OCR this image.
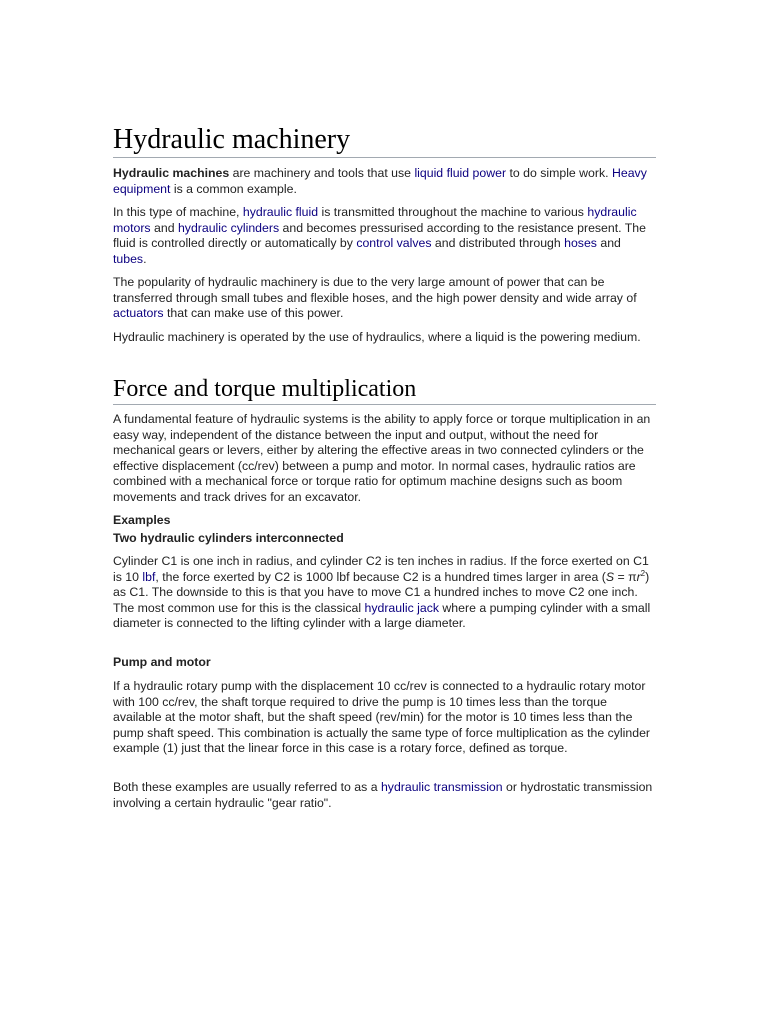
Hydraulic machinery

Hydraulic machines are machinery and tools that use liquid fluid power to do simple work. Heavy equipment is a common example.

In this type of machine, hydraulic fluid is transmitted throughout the machine to various hydraulic motors and hydraulic cylinders and becomes pressurised according to the resistance present. The fluid is controlled directly or automatically by control valves and distributed through hoses and tubes.

The popularity of hydraulic machinery is due to the very large amount of power that can be transferred through small tubes and flexible hoses, and the high power density and wide array of actuators that can make use of this power.

Hydraulic machinery is operated by the use of hydraulics, where a liquid is the powering medium.

Force and torque multiplication

A fundamental feature of hydraulic systems is the ability to apply force or torque multiplication in an easy way, independent of the distance between the input and output, without the need for mechanical gears or levers, either by altering the effective areas in two connected cylinders or the effective displacement (cc/rev) between a pump and motor. In normal cases, hydraulic ratios are combined with a mechanical force or torque ratio for optimum machine designs such as boom movements and track drives for an excavator.

Examples
Two hydraulic cylinders interconnected

Cylinder C1 is one inch in radius, and cylinder C2 is ten inches in radius. If the force exerted on C1 is 10 lbf, the force exerted by C2 is 1000 lbf because C2 is a hundred times larger in area $(S = \pi r^2)$ as C1. The downside to this is that you have to move C1 a hundred inches to move C2 one inch. The most common use for this is the classical hydraulic jack where a pumping cylinder with a small diameter is connected to the lifting cylinder with a large diameter.

Pump and motor

If a hydraulic rotary pump with the displacement 10 cc/rev is connected to a hydraulic rotary motor with 100 cc/rev, the shaft torque required to drive the pump is 10 times less than the torque available at the motor shaft, but the shaft speed (rev/min) for the motor is 10 times less than the pump shaft speed. This combination is actually the same type of force multiplication as the cylinder example (1) just that the linear force in this case is a rotary force, defined as torque.

Both these examples are usually referred to as a hydraulic transmission or hydrostatic transmission involving a certain hydraulic "gear ratio".
